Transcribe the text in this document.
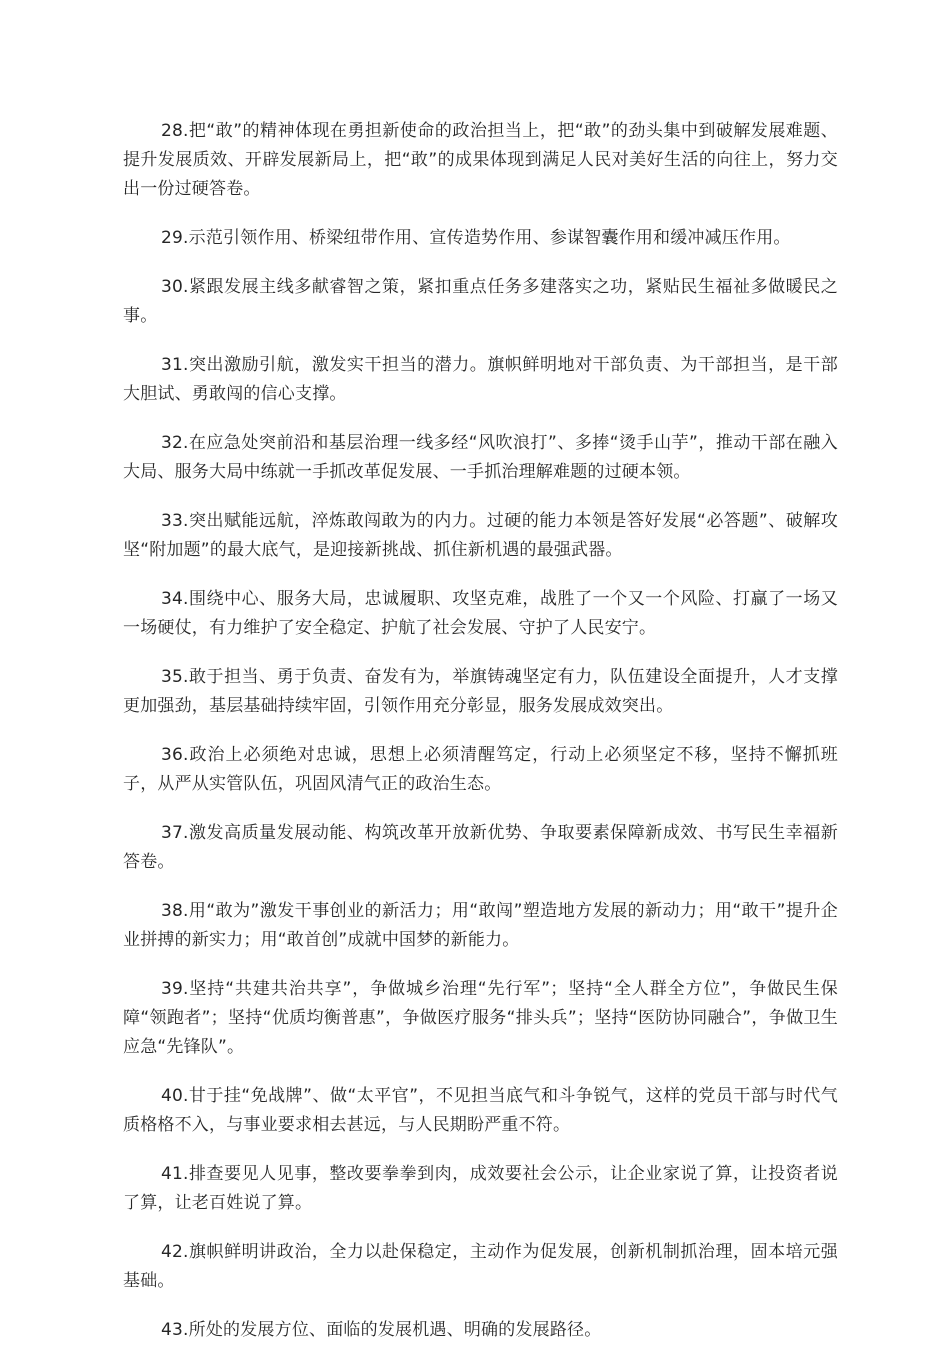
28.把“敢”的精神体现在勇担新使命的政治担当上，把“敢”的劲头集中到破解发展难题、提升发展质效、开辟发展新局上，把“敢”的成果体现到满足人民对美好生活的向往上，努力交出一份过硬答卷。

29.示范引领作用、桥梁纽带作用、宣传造势作用、参谋智囊作用和缓冲减压作用。

30.紧跟发展主线多献睿智之策，紧扣重点任务多建落实之功，紧贴民生福祉多做暖民之事。

31.突出激励引航，激发实干担当的潜力。旗帜鲜明地对干部负责、为干部担当，是干部大胆试、勇敢闯的信心支撑。

32.在应急处突前沿和基层治理一线多经“风吹浪打”、多捧“烫手山芋”，推动干部在融入大局、服务大局中练就一手抓改革促发展、一手抓治理解难题的过硬本领。

33.突出赋能远航，淬炼敢闯敢为的内力。过硬的能力本领是答好发展“必答题”、破解攻坚“附加题”的最大底气，是迎接新挑战、抓住新机遇的最强武器。

34.围绕中心、服务大局，忠诚履职、攻坚克难，战胜了一个又一个风险、打赢了一场又一场硬仗，有力维护了安全稳定、护航了社会发展、守护了人民安宁。

35.敢于担当、勇于负责、奋发有为，举旗铸魂坚定有力，队伍建设全面提升，人才支撑更加强劲，基层基础持续牢固，引领作用充分彰显，服务发展成效突出。

36.政治上必须绝对忠诚，思想上必须清醒笃定，行动上必须坚定不移，坚持不懈抓班子，从严从实管队伍，巩固风清气正的政治生态。

37.激发高质量发展动能、构筑改革开放新优势、争取要素保障新成效、书写民生幸福新答卷。

38.用“敢为”激发干事创业的新活力；用“敢闯”塑造地方发展的新动力；用“敢干”提升企业拼搏的新实力；用“敢首创”成就中国梦的新能力。

39.坚持“共建共治共享”，争做城乡治理“先行军”；坚持“全人群全方位”，争做民生保障“领跑者”；坚持“优质均衡普惠”，争做医疗服务“排头兵”；坚持“医防协同融合”，争做卫生应急“先锋队”。

40.甘于挂“免战牌”、做“太平官”，不见担当底气和斗争锐气，这样的党员干部与时代气质格格不入，与事业要求相去甚远，与人民期盼严重不符。

41.排查要见人见事，整改要拳拳到肉，成效要社会公示，让企业家说了算，让投资者说了算，让老百姓说了算。

42.旗帜鲜明讲政治，全力以赴保稳定，主动作为促发展，创新机制抓治理，固本培元强基础。

43.所处的发展方位、面临的发展机遇、明确的发展路径。
